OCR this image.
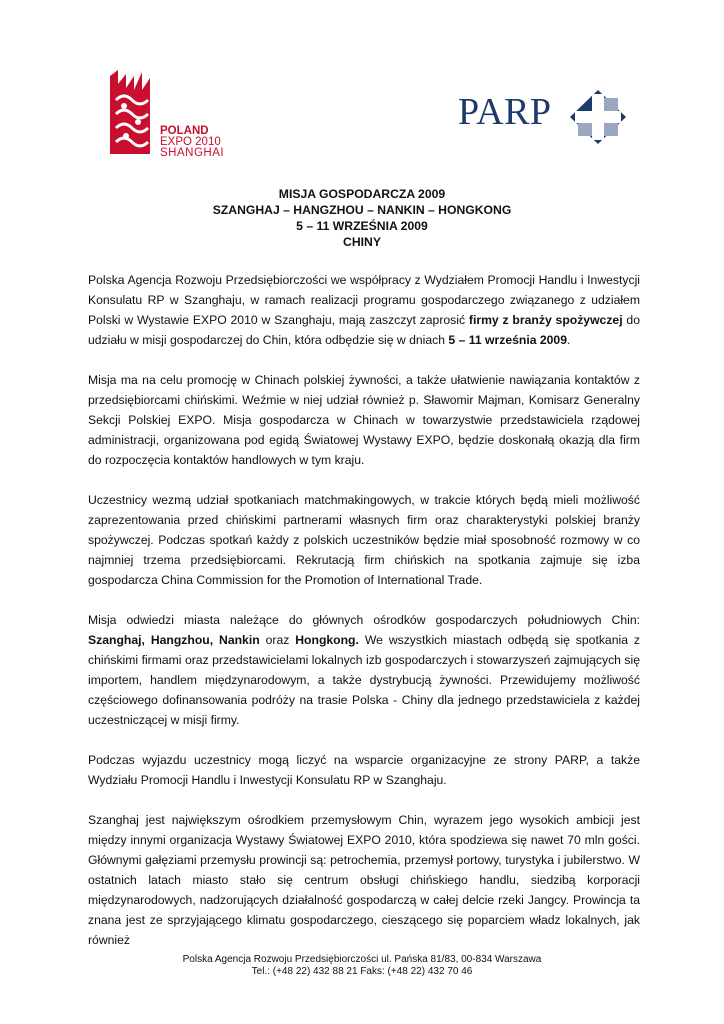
POLAND
EXPO 2010
SHANGHAI
PARP
MISJA GOSPODARCZA 2009
SZANGHAJ – HANGZHOU – NANKIN – HONGKONG
5 – 11 WRZEŚNIA 2009
CHINY

Polska Agencja Rozwoju Przedsiębiorczości we współpracy z Wydziałem Promocji Handlu i Inwestycji Konsulatu RP w Szanghaju, w ramach realizacji programu gospodarczego związanego z udziałem Polski w Wystawie EXPO 2010 w Szanghaju, mają zaszczyt zaprosić firmy z branży spożywczej do udziału w misji gospodarczej do Chin, która odbędzie się w dniach 5 – 11 września 2009.

Misja ma na celu promocję w Chinach polskiej żywności, a także ułatwienie nawiązania kontaktów z przedsiębiorcami chińskimi. Weźmie w niej udział również p. Sławomir Majman, Komisarz Generalny Sekcji Polskiej EXPO. Misja gospodarcza w Chinach w towarzystwie przedstawiciela rządowej administracji, organizowana pod egidą Światowej Wystawy EXPO, będzie doskonałą okazją dla firm do rozpoczęcia kontaktów handlowych w tym kraju.

Uczestnicy wezmą udział spotkaniach matchmakingowych, w trakcie których będą mieli możliwość zaprezentowania przed chińskimi partnerami własnych firm oraz charakterystyki polskiej branży spożywczej. Podczas spotkań każdy z polskich uczestników będzie miał sposobność rozmowy w co najmniej trzema przedsiębiorcami. Rekrutacją firm chińskich na spotkania zajmuje się izba gospodarcza China Commission for the Promotion of International Trade.

Misja odwiedzi miasta należące do głównych ośrodków gospodarczych południowych Chin: Szanghaj, Hangzhou, Nankin oraz Hongkong. We wszystkich miastach odbędą się spotkania z chińskimi firmami oraz przedstawicielami lokalnych izb gospodarczych i stowarzyszeń zajmujących się importem, handlem międzynarodowym, a także dystrybucją żywności. Przewidujemy możliwość częściowego dofinansowania podróży na trasie Polska - Chiny dla jednego przedstawiciela z każdej uczestniczącej w misji firmy.

Podczas wyjazdu uczestnicy mogą liczyć na wsparcie organizacyjne ze strony PARP, a także Wydziału Promocji Handlu i Inwestycji Konsulatu RP w Szanghaju.

Szanghaj jest największym ośrodkiem przemysłowym Chin, wyrazem jego wysokich ambicji jest między innymi organizacja Wystawy Światowej EXPO 2010, która spodziewa się nawet 70 mln gości. Głównymi gałęziami przemysłu prowincji są: petrochemia, przemysł portowy, turystyka i jubilerstwo. W ostatnich latach miasto stało się centrum obsługi chińskiego handlu, siedzibą korporacji międzynarodowych, nadzorujących działalność gospodarczą w całej delcie rzeki Jangcy. Prowincja ta znana jest ze sprzyjającego klimatu gospodarczego, cieszącego się poparciem władz lokalnych, jak również

Polska Agencja Rozwoju Przedsiębiorczości ul. Pańska 81/83, 00-834 Warszawa
Tel.: (+48 22) 432 88 21 Faks: (+48 22) 432 70 46
